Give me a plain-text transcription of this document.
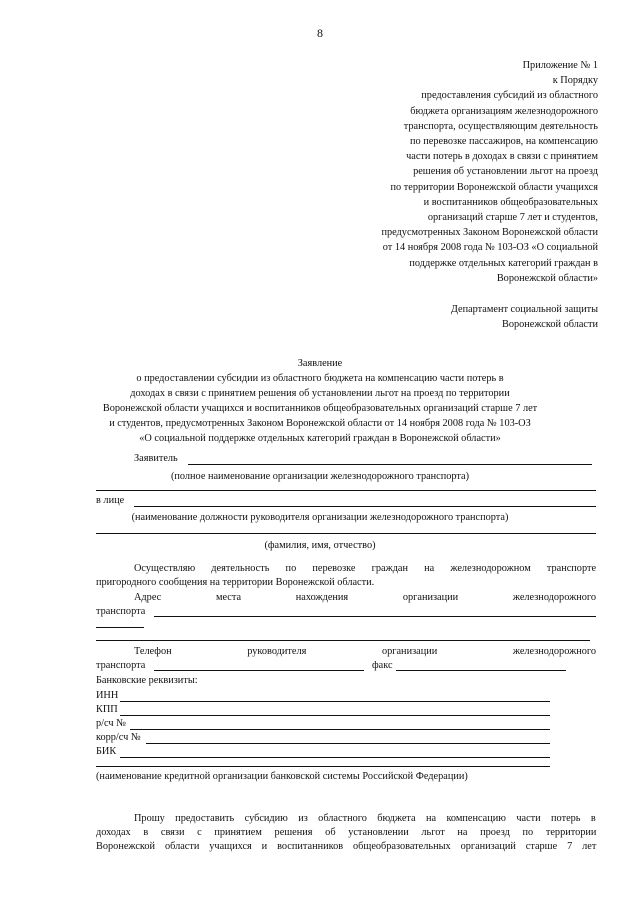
8
Приложение № 1
к Порядку
предоставления субсидий из областного
бюджета организациям железнодорожного
транспорта, осуществляющим деятельность
по перевозке пассажиров, на компенсацию
части потерь в доходах в связи с принятием
решения об установлении льгот на проезд
по территории Воронежской области учащихся
и воспитанников общеобразовательных
организаций старше 7 лет и студентов,
предусмотренных Законом Воронежской области
от 14 ноября 2008 года № 103-ОЗ «О социальной
поддержке отдельных категорий граждан в
Воронежской области»
Департамент социальной защиты
Воронежской области
Заявление
о предоставлении субсидии из областного бюджета на компенсацию части потерь в
доходах в связи с принятием решения об установлении льгот на проезд по территории
Воронежской области учащихся и воспитанников общеобразовательных организаций старше 7 лет
и студентов, предусмотренных Законом Воронежской области от 14 ноября 2008 года № 103-ОЗ
«О социальной поддержке отдельных категорий граждан в Воронежской области»
Заявитель
(полное наименование организации железнодорожного транспорта)
в лице
(наименование должности руководителя организации железнодорожного транспорта)
(фамилия, имя, отчество)
Осуществляю деятельность по перевозке граждан на железнодорожном транспорте
пригородного сообщения на территории Воронежской области.
Адрес	места	нахождения	организации	железнодорожного
транспорта
Телефон	руководителя	организации	железнодорожного
транспорта	факс
Банковские реквизиты:
ИНН
КПП
р/сч №
корр/сч №
БИК
(наименование кредитной организации банковской системы Российской Федерации)
Прошу предоставить субсидию из областного бюджета на компенсацию части потерь в
доходах в связи с принятием решения об установлении льгот на проезд по территории
Воронежской области учащихся и воспитанников общеобразовательных организаций старше 7 лет
